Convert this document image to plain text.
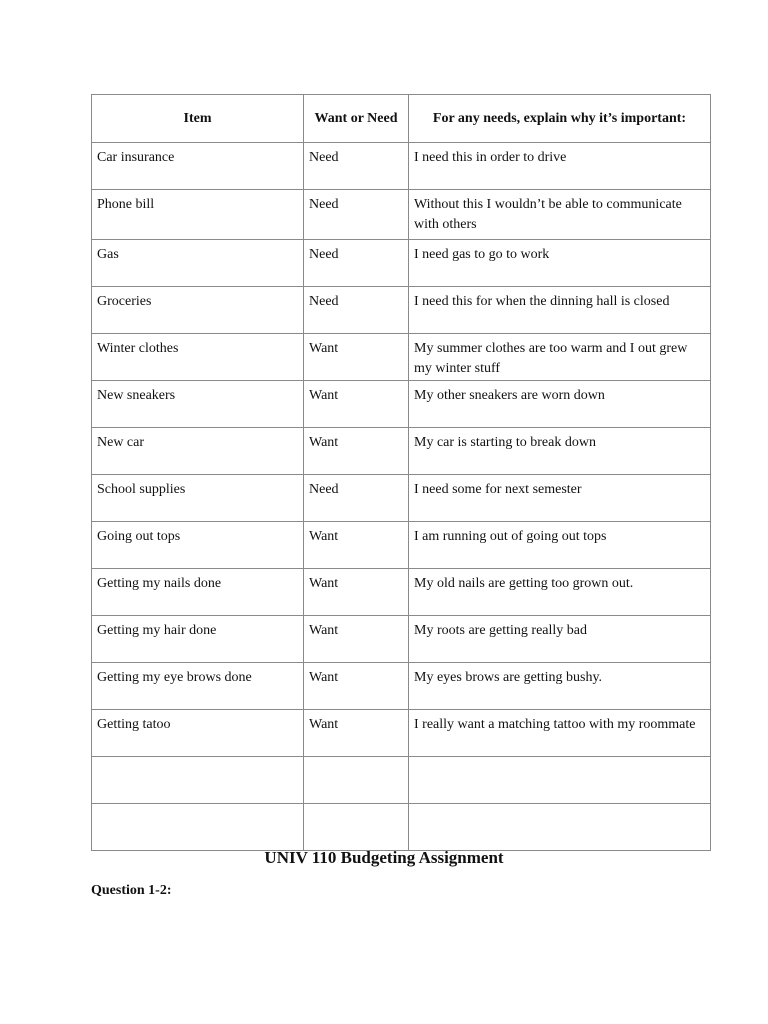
Item	Want or Need	For any needs, explain why it’s important:
Car insurance	Need	I need this in order to drive
Phone bill	Need	Without this I wouldn’t be able to communicate with others
Gas	Need	I need gas to go to work
Groceries	Need	I need this for when the dinning hall is closed
Winter clothes	Want	My summer clothes are too warm and I out grew my winter stuff
New sneakers	Want	My other sneakers are worn down
New car	Want	My car is starting to break down
School supplies	Need	I need some for next semester
Going out tops	Want	I am running out of going out tops
Getting my nails done	Want	My old nails are getting too grown out.
Getting my hair done	Want	My roots are getting really bad
Getting my eye brows done	Want	My eyes brows are getting bushy.
Getting tatoo	Want	I really want a matching tattoo with my roommate

UNIV 110 Budgeting Assignment
Question 1-2:
